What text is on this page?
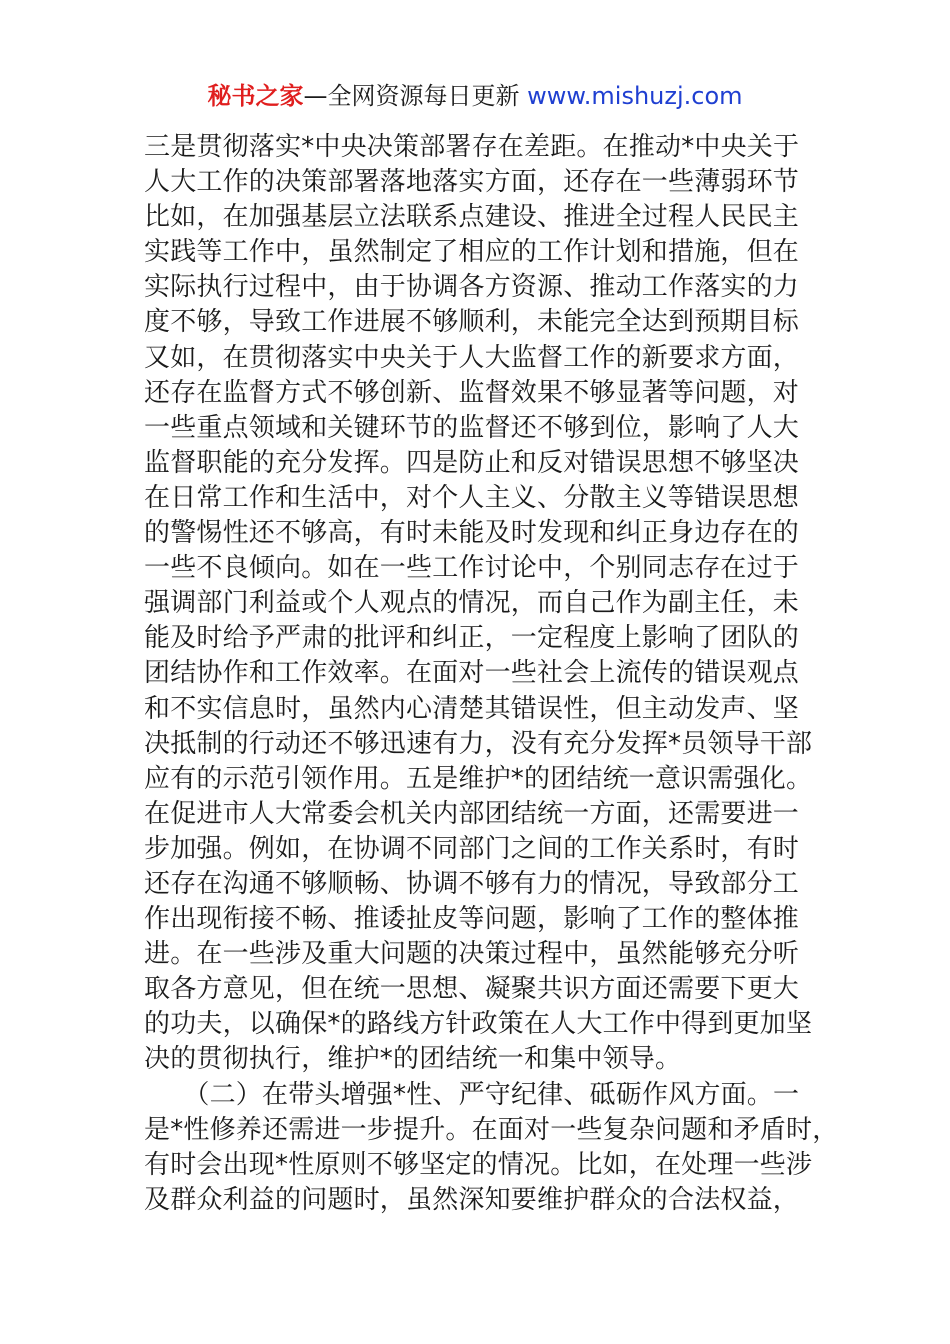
秘书之家—全网资源每日更新 www.mishuzj.com
三是贯彻落实*中央决策部署存在差距。在推动*中央关于
人大工作的决策部署落地落实方面，还存在一些薄弱环节
比如，在加强基层立法联系点建设、推进全过程人民民主
实践等工作中，虽然制定了相应的工作计划和措施，但在
实际执行过程中，由于协调各方资源、推动工作落实的力
度不够，导致工作进展不够顺利，未能完全达到预期目标
又如，在贯彻落实中央关于人大监督工作的新要求方面，
还存在监督方式不够创新、监督效果不够显著等问题，对
一些重点领域和关键环节的监督还不够到位，影响了人大
监督职能的充分发挥。四是防止和反对错误思想不够坚决
在日常工作和生活中，对个人主义、分散主义等错误思想
的警惕性还不够高，有时未能及时发现和纠正身边存在的
一些不良倾向。如在一些工作讨论中，个别同志存在过于
强调部门利益或个人观点的情况，而自己作为副主任，未
能及时给予严肃的批评和纠正，一定程度上影响了团队的
团结协作和工作效率。在面对一些社会上流传的错误观点
和不实信息时，虽然内心清楚其错误性，但主动发声、坚
决抵制的行动还不够迅速有力，没有充分发挥*员领导干部
应有的示范引领作用。五是维护*的团结统一意识需强化。
在促进市人大常委会机关内部团结统一方面，还需要进一
步加强。例如，在协调不同部门之间的工作关系时，有时
还存在沟通不够顺畅、协调不够有力的情况，导致部分工
作出现衔接不畅、推诿扯皮等问题，影响了工作的整体推
进。在一些涉及重大问题的决策过程中，虽然能够充分听
取各方意见，但在统一思想、凝聚共识方面还需要下更大
的功夫，以确保*的路线方针政策在人大工作中得到更加坚
决的贯彻执行，维护*的团结统一和集中领导。
　　（二）在带头增强*性、严守纪律、砥砺作风方面。一
是*性修养还需进一步提升。在面对一些复杂问题和矛盾时，
有时会出现*性原则不够坚定的情况。比如，在处理一些涉
及群众利益的问题时，虽然深知要维护群众的合法权益，
